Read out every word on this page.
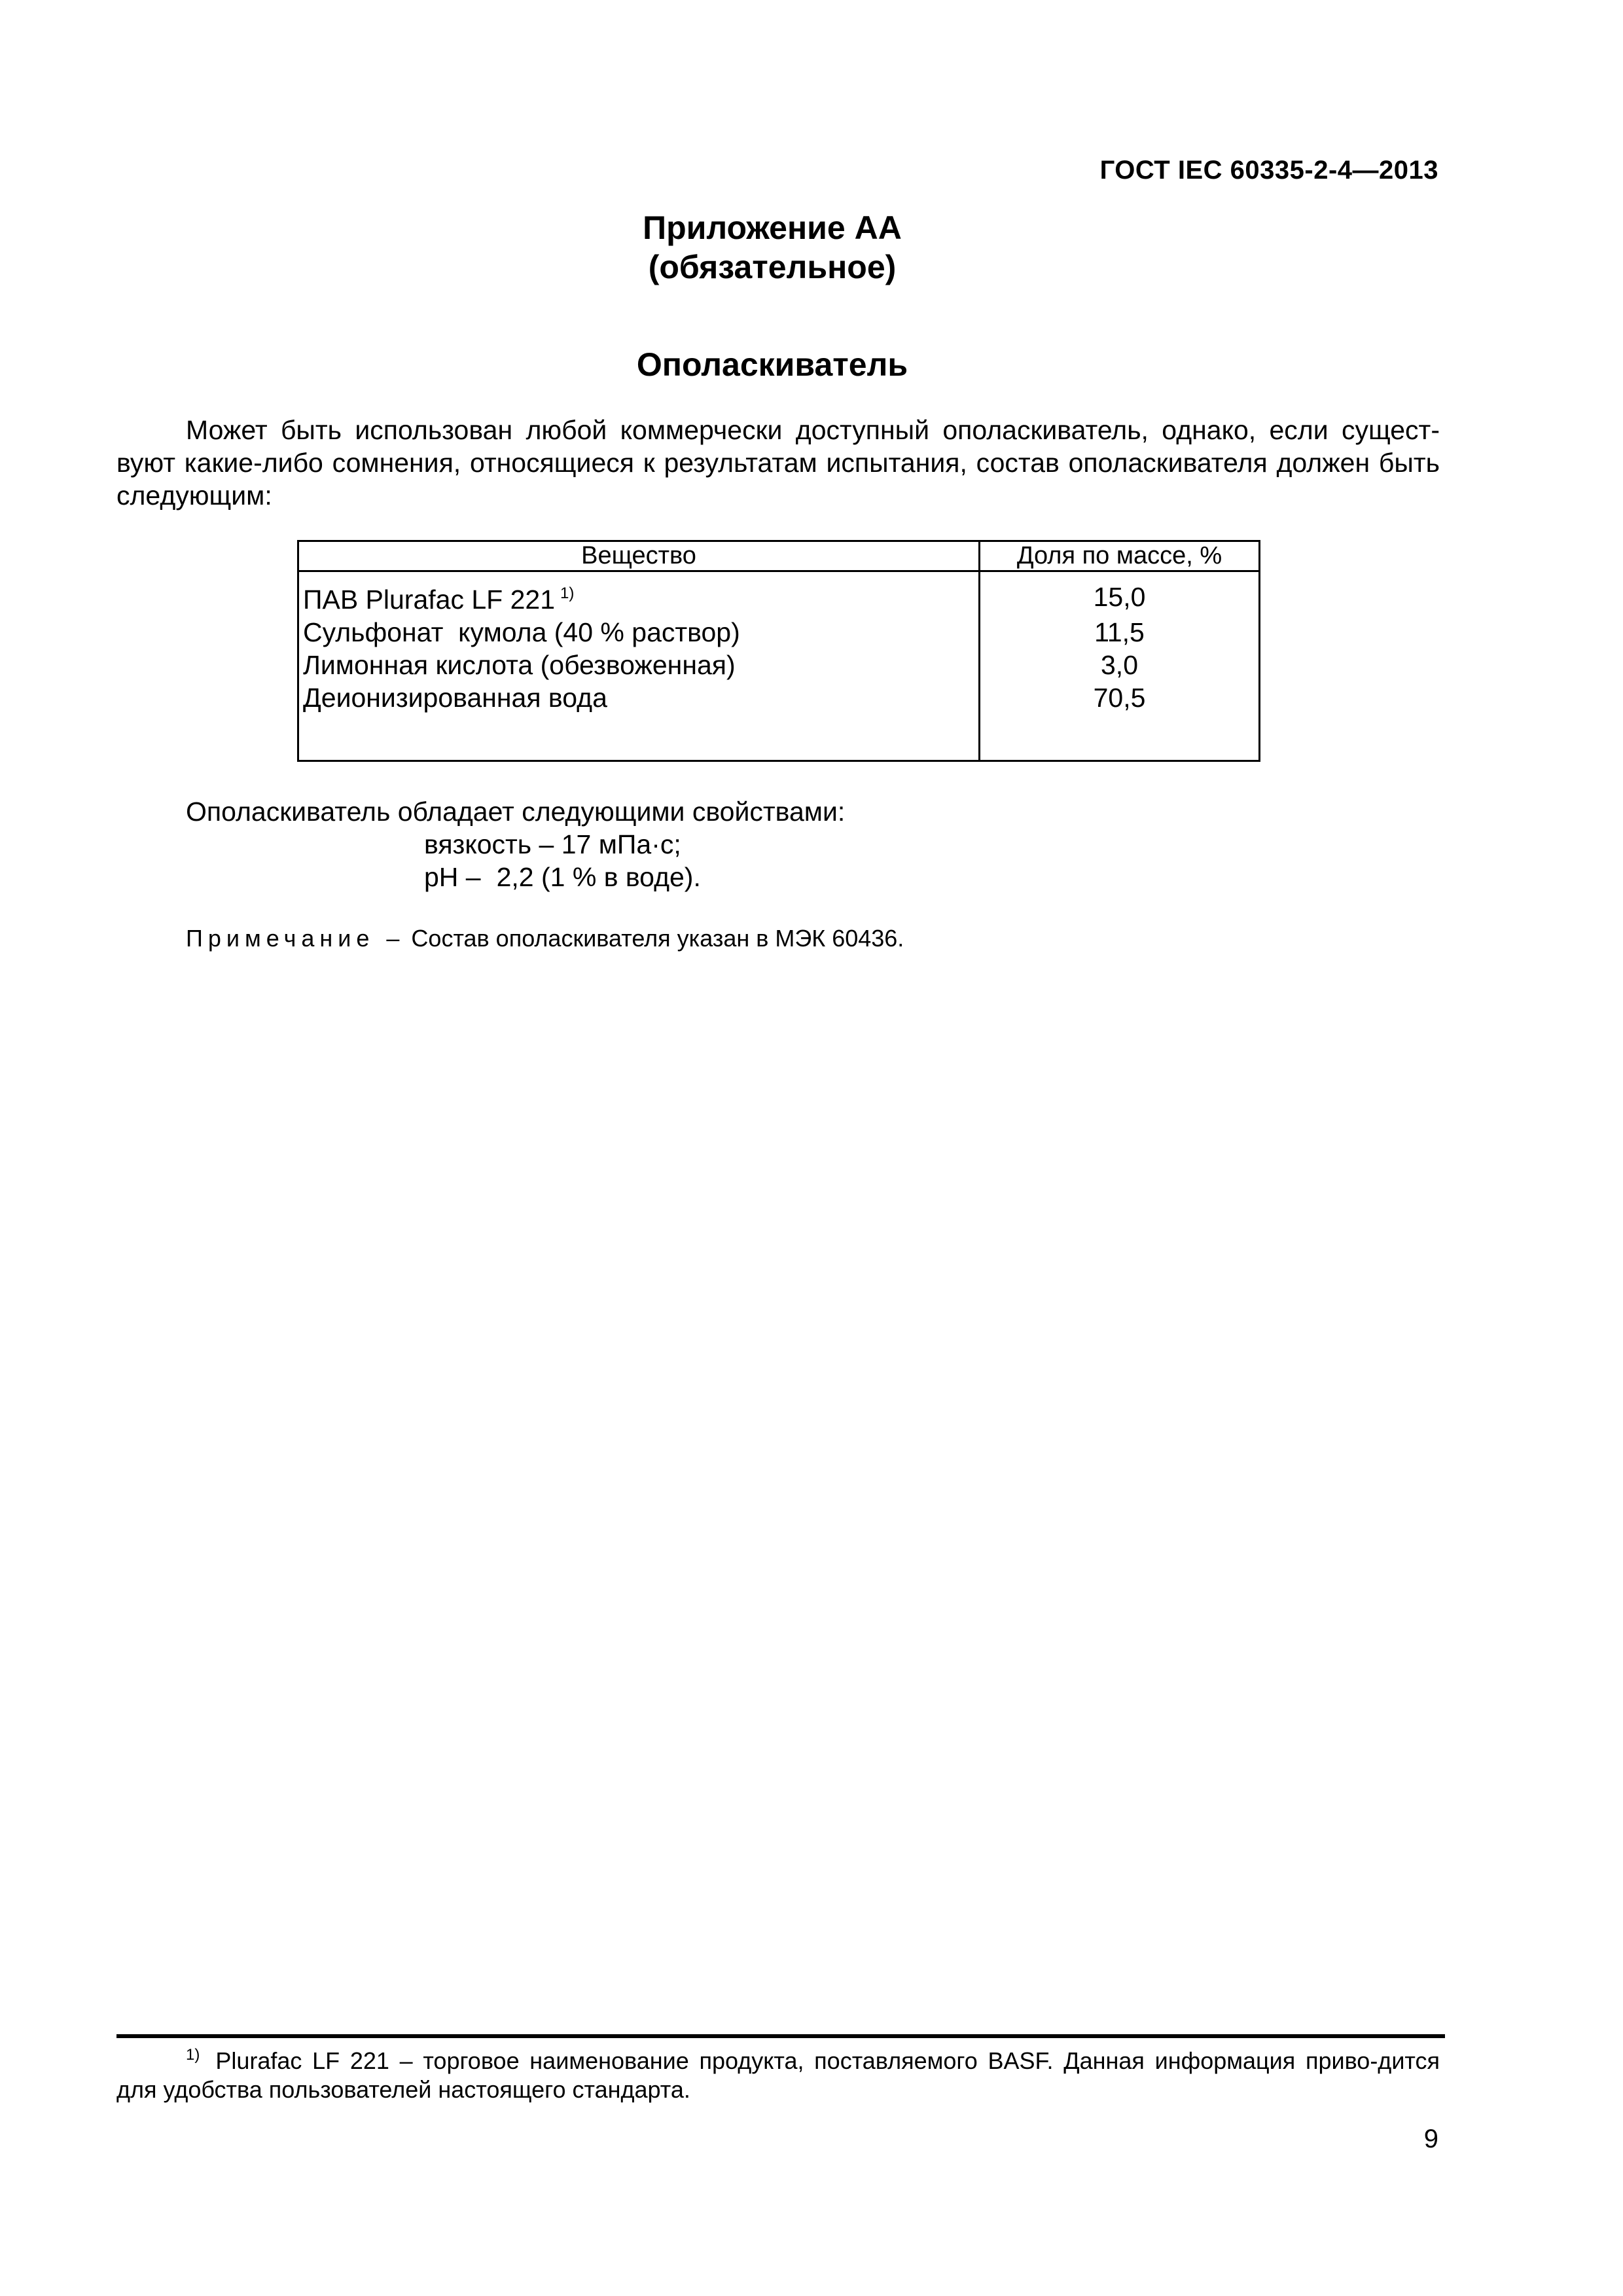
ГОСТ IEC 60335-2-4—2013
Приложение АА
(обязательное)
Ополаскиватель

Может быть использован любой коммерчески доступный ополаскиватель, однако, если сущест-вуют какие-либо сомнения, относящиеся к результатам испытания, состав ополаскивателя должен быть следующим:

Вещество	Доля по массе, %

ПАВ Plurafac LF 221 $^{1)}$	15,0
Сульфонат  кумола (40 % раствор)	11,5
Лимонная кислота (обезвоженная)	3,0
Деионизированная вода	70,5

Ополаскиватель обладает следующими свойствами:
вязкость – 17 мПа·с;
pH – 2,2 (1 % в воде).
Примечание – Состав ополаскивателя указан в МЭК 60436.

$^{1)}$ Plurafac LF 221 – торговое наименование продукта, поставляемого BASF. Данная информация приво-дится для удобства пользователей настоящего стандарта.

9
